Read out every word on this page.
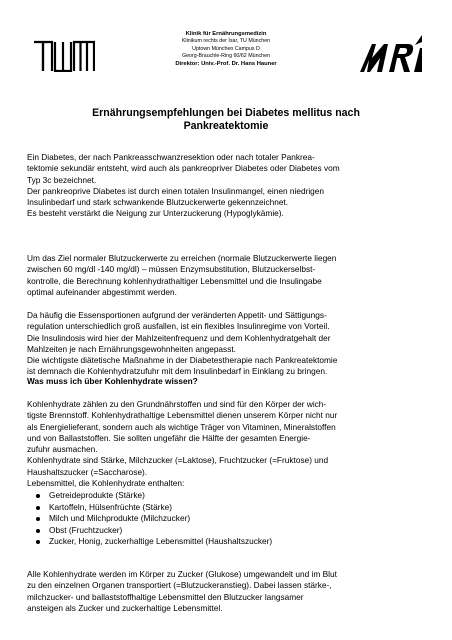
Klinik für Ernährungsmedizin
Klinikum rechts der Isar, TU München
Uptown München Campus D
Georg-Brauchle-Ring 60/62 München
Direktor: Univ.-Prof. Dr. Hans Hauner
Ernährungsempfehlungen bei Diabetes mellitus nach
Pankreatektomie

Ein Diabetes, der nach Pankreasschwanzresektion oder nach totaler Pankrea-

tektomie sekundär entsteht, wird auch als pankreopriver Diabetes oder Diabetes vom

Typ 3c bezeichnet.

Der pankreoprive Diabetes ist durch einen totalen Insulinmangel, einen niedrigen

Insulinbedarf und stark schwankende Blutzuckerwerte gekennzeichnet.

Es besteht verstärkt die Neigung zur Unterzuckerung (Hypoglykämie).

Um das Ziel normaler Blutzuckerwerte zu erreichen (normale Blutzuckerwerte liegen

zwischen 60 mg/dl -140 mg/dl) – müssen Enzymsubstitution, Blutzuckerselbst-

kontrolle, die Berechnung kohlenhydrathaltiger Lebensmittel und die Insulingabe

optimal aufeinander abgestimmt werden.

Da häufig die Essensportionen aufgrund der veränderten Appetit- und Sättigungs-

regulation unterschiedlich groß ausfallen, ist ein flexibles Insulinregime von Vorteil.

Die Insulindosis wird hier der Mahlzeitenfrequenz und dem Kohlenhydratgehalt der

Mahlzeiten je nach Ernährungsgewohnheiten angepasst.

Die wichtigste diätetische Maßnahme in der Diabetestherapie nach Pankreatektomie

ist demnach die Kohlenhydratzufuhr mit dem Insulinbedarf in Einklang zu bringen.

Was muss ich über Kohlenhydrate wissen?

Kohlenhydrate zählen zu den Grundnährstoffen und sind für den Körper der wich-

tigste Brennstoff. Kohlenhydrathaltige Lebensmittel dienen unserem Körper nicht nur

als Energielieferant, sondern auch als wichtige Träger von Vitaminen, Mineralstoffen

und von Ballaststoffen. Sie sollten ungefähr die Hälfte der gesamten Energie-

zufuhr ausmachen.

Kohlenhydrate sind Stärke, Milchzucker (=Laktose), Fruchtzucker (=Fruktose) und

Haushaltszucker (=Saccharose).

Lebensmittel, die Kohlenhydrate enthalten:
Getreideprodukte (Stärke)
Kartoffeln, Hülsenfrüchte (Stärke)
Milch und Milchprodukte (Milchzucker)
Obst (Fruchtzucker)
Zucker, Honig, zuckerhaltige Lebensmittel (Haushaltszucker)

Alle Kohlenhydrate werden im Körper zu Zucker (Glukose) umgewandelt und im Blut

zu den einzelnen Organen transportiert (=Blutzuckeranstieg). Dabei lassen stärke-,

milchzucker- und ballaststoffhaltige Lebensmittel den Blutzucker langsamer

ansteigen als Zucker und zuckerhaltige Lebensmittel.
